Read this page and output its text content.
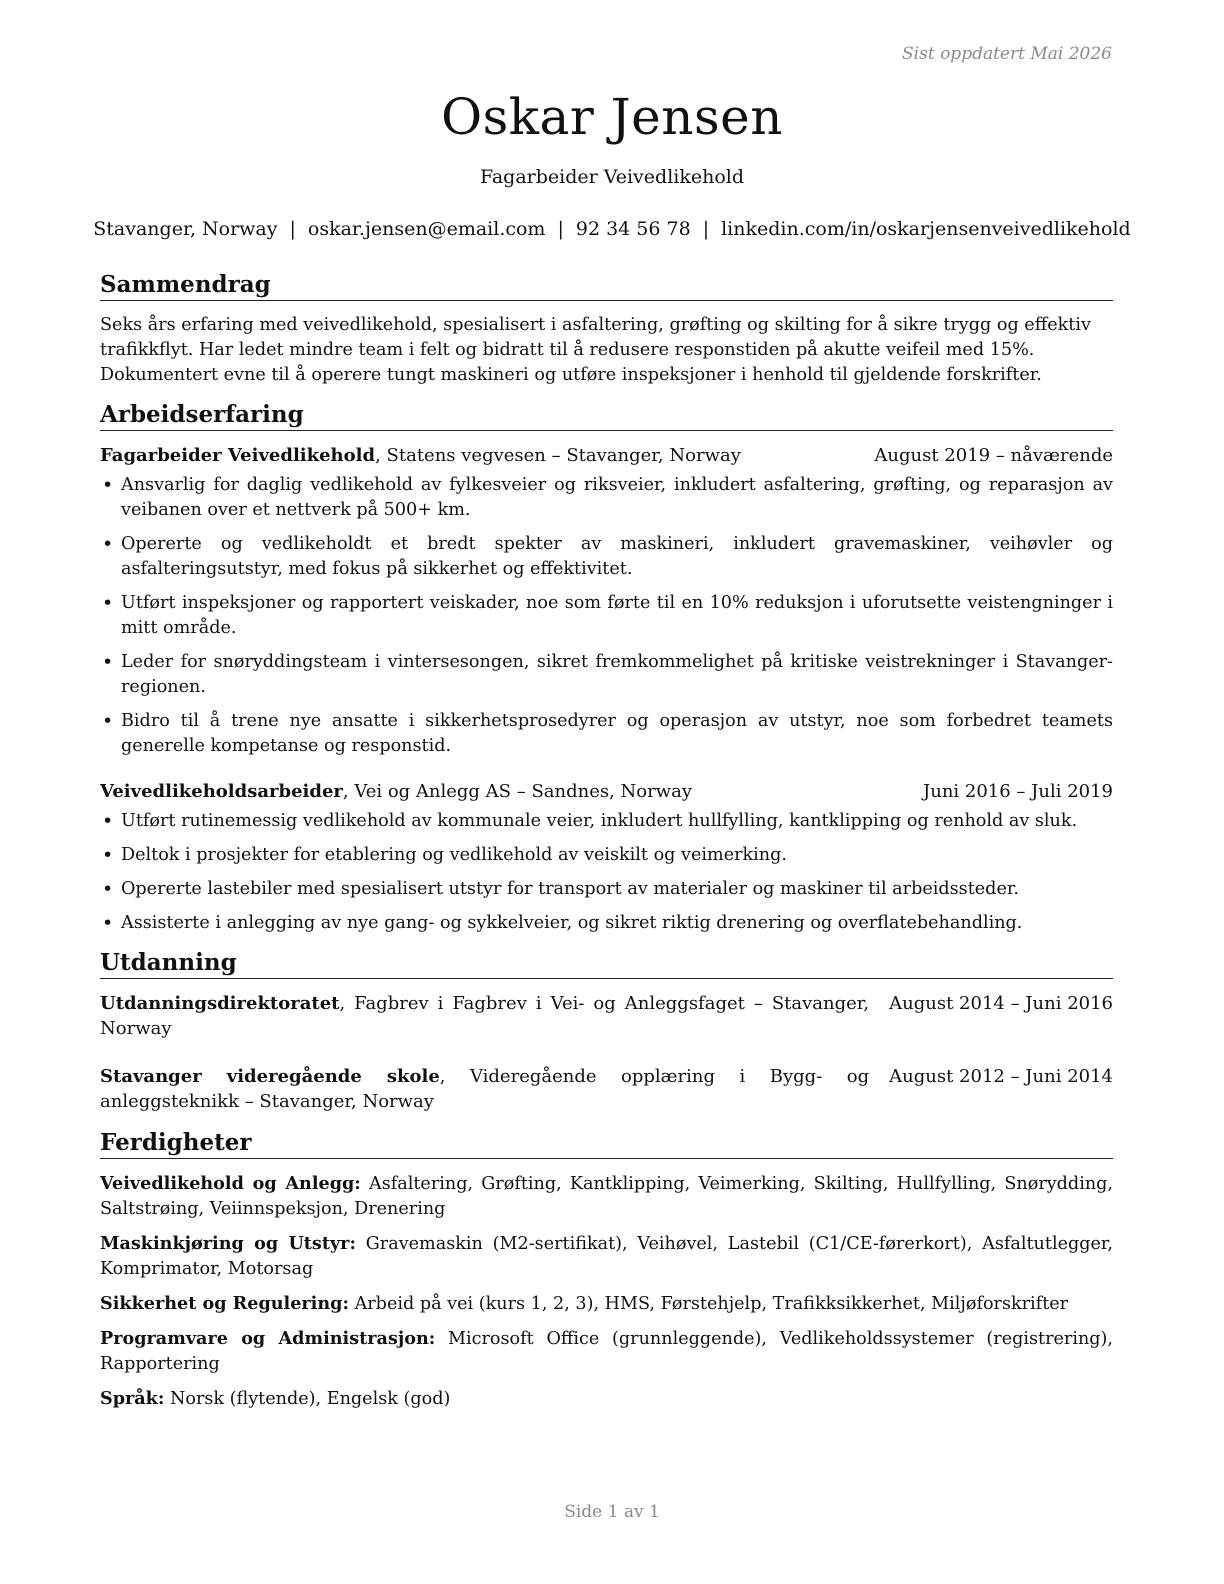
Sist oppdatert Mai 2026
Oskar Jensen
Fagarbeider Veivedlikehold
Stavanger, Norway | oskar.jensen@email.com | 92 34 56 78 | linkedin.com/in/oskarjensenveivedlikehold
Sammendrag

Seks års erfaring med veivedlikehold, spesialisert i asfaltering, grøfting og skilting for å sikre trygg og effektiv trafikkflyt. Har ledet mindre team i felt og bidratt til å redusere responstiden på akutte veifeil med 15%. Dokumentert evne til å operere tungt maskineri og utføre inspeksjoner i henhold til gjeldende forskrifter.

Arbeidserfaring
Fagarbeider Veivedlikehold, Statens vegvesen – Stavanger, Norway	August 2019 – nåværende
• Ansvarlig for daglig vedlikehold av fylkesveier og riksveier, inkludert asfaltering, grøfting, og reparasjon av veibanen over et nettverk på 500+ km.
• Opererte og vedlikeholdt et bredt spekter av maskineri, inkludert gravemaskiner, veihøvler og asfalteringsutstyr, med fokus på sikkerhet og effektivitet.
• Utført inspeksjoner og rapportert veiskader, noe som førte til en 10% reduksjon i uforutsette veistengninger i mitt område.
• Leder for snøryddingsteam i vintersesongen, sikret fremkommelighet på kritiske veistrekninger i Stavanger-regionen.
• Bidro til å trene nye ansatte i sikkerhetsprosedyrer og operasjon av utstyr, noe som forbedret teamets generelle kompetanse og responstid.
Veivedlikeholdsarbeider, Vei og Anlegg AS – Sandnes, Norway	Juni 2016 – Juli 2019
• Utført rutinemessig vedlikehold av kommunale veier, inkludert hullfylling, kantklipping og renhold av sluk.
• Deltok i prosjekter for etablering og vedlikehold av veiskilt og veimerking.
• Opererte lastebiler med spesialisert utstyr for transport av materialer og maskiner til arbeidssteder.
• Assisterte i anlegging av nye gang- og sykkelveier, og sikret riktig drenering og overflatebehandling.
Utdanning
Utdanningsdirektoratet, Fagbrev i Fagbrev i Vei- og Anleggsfaget – Stavanger, Norway
August 2014 – Juni 2016
Stavanger videregående skole, Videregående opplæring i Bygg- og anleggsteknikk – Stavanger, Norway
August 2012 – Juni 2014
Ferdigheter
Veivedlikehold og Anlegg: Asfaltering, Grøfting, Kantklipping, Veimerking, Skilting, Hullfylling, Snørydding, Saltstrøing, Veiinnspeksjon, Drenering
Maskinkjøring og Utstyr: Gravemaskin (M2-sertifikat), Veihøvel, Lastebil (C1/CE-førerkort), Asfaltutlegger, Komprimator, Motorsag
Sikkerhet og Regulering: Arbeid på vei (kurs 1, 2, 3), HMS, Førstehjelp, Trafikksikkerhet, Miljøforskrifter
Programvare og Administrasjon: Microsoft Office (grunnleggende), Vedlikeholdssystemer (registrering), Rapportering
Språk: Norsk (flytende), Engelsk (god)
Side 1 av 1
